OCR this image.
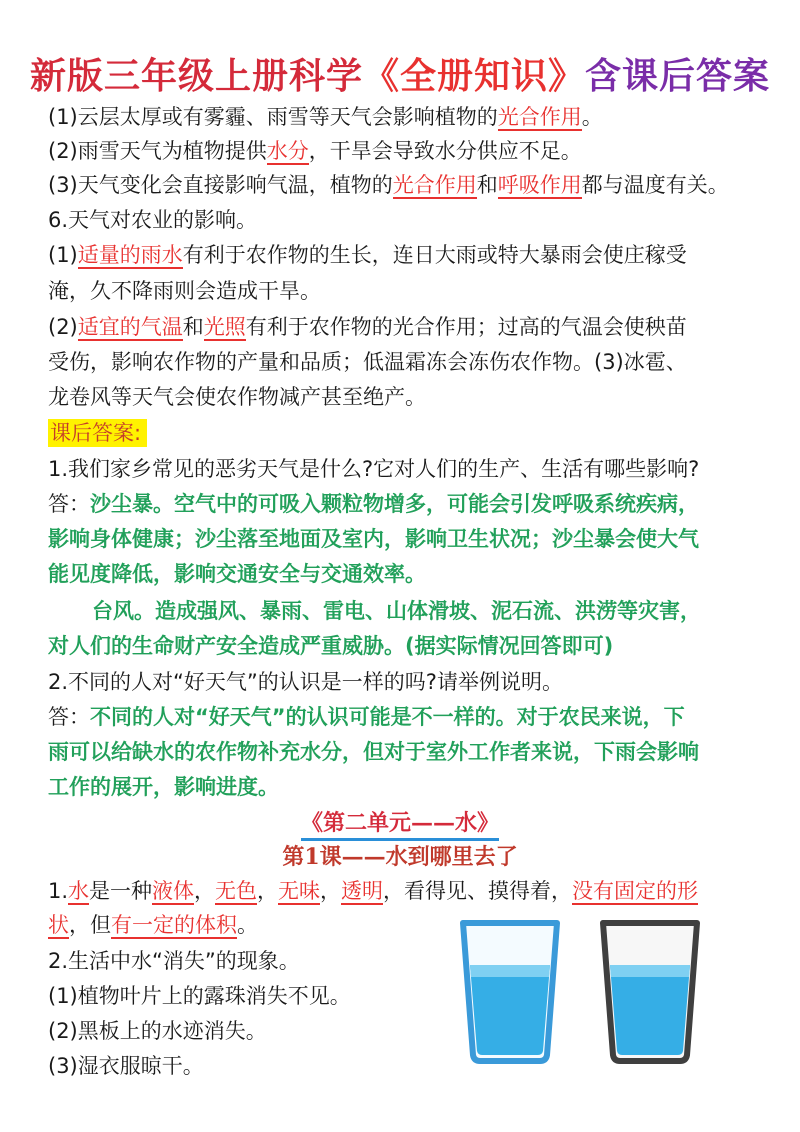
新版三年级上册科学《全册知识》含课后答案
(1)云层太厚或有雾霾、雨雪等天气会影响植物的光合作用。
(2)雨雪天气为植物提供水分，干旱会导致水分供应不足。
(3)天气变化会直接影响气温，植物的光合作用和呼吸作用都与温度有关。
6.天气对农业的影响。
(1)适量的雨水有利于农作物的生长，连日大雨或特大暴雨会使庄稼受
淹，久不降雨则会造成干旱。
(2)适宜的气温和光照有利于农作物的光合作用；过高的气温会使秧苗
受伤，影响农作物的产量和品质；低温霜冻会冻伤农作物。(3)冰雹、
龙卷风等天气会使农作物减产甚至绝产。
课后答案:
1.我们家乡常见的恶劣天气是什么?它对人们的生产、生活有哪些影响?
答：沙尘暴。空气中的可吸入颗粒物增多，可能会引发呼吸系统疾病，
影响身体健康；沙尘落至地面及室内，影响卫生状况；沙尘暴会使大气
能见度降低，影响交通安全与交通效率。
台风。造成强风、暴雨、雷电、山体滑坡、泥石流、洪涝等灾害，
对人们的生命财产安全造成严重威胁。(据实际情况回答即可)
2.不同的人对“好天气”的认识是一样的吗?请举例说明。
答：不同的人对“好天气”的认识可能是不一样的。对于农民来说，下
雨可以给缺水的农作物补充水分，但对于室外工作者来说，下雨会影响
工作的展开，影响进度。
《第二单元——水》
第1课——水到哪里去了
1.水是一种液体，无色，无味，透明，看得见、摸得着，没有固定的形
状，但有一定的体积。
2.生活中水“消失”的现象。
(1)植物叶片上的露珠消失不见。
(2)黑板上的水迹消失。
(3)湿衣服晾干。
